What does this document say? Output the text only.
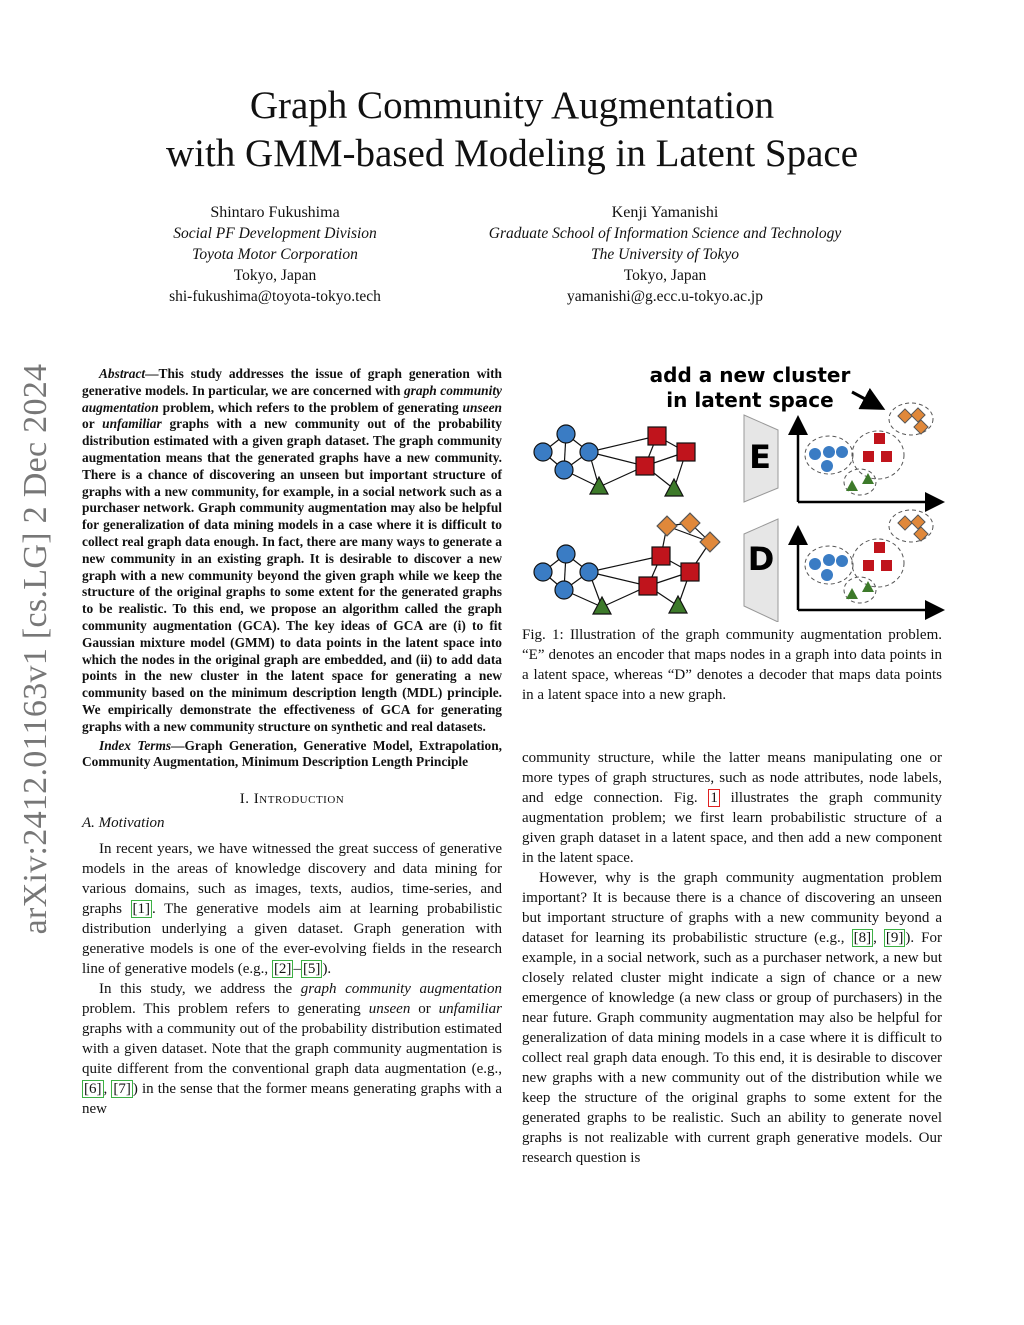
arXiv:2412.01163v1 [cs.LG] 2 Dec 2024
Graph Community Augmentation
with GMM-based Modeling in Latent Space
Shintaro Fukushima
Social PF Development Division
Toyota Motor Corporation
Tokyo, Japan
shi-fukushima@toyota-tokyo.tech
Kenji Yamanishi
Graduate School of Information Science and Technology
The University of Tokyo
Tokyo, Japan
yamanishi@g.ecc.u-tokyo.ac.jp

Abstract—This study addresses the issue of graph generation with generative models. In particular, we are concerned with graph community augmentation problem, which refers to the problem of generating unseen or unfamiliar graphs with a new community out of the probability distribution estimated with a given graph dataset. The graph community augmentation means that the generated graphs have a new community. There is a chance of discovering an unseen but important structure of graphs with a new community, for example, in a social network such as a purchaser network. Graph community augmentation may also be helpful for generalization of data mining models in a case where it is difficult to collect real graph data enough. In fact, there are many ways to generate a new community in an existing graph. It is desirable to discover a new graph with a new community beyond the given graph while we keep the structure of the original graphs to some extent for the generated graphs to be realistic. To this end, we propose an algorithm called the graph community augmentation (GCA). The key ideas of GCA are (i) to fit Gaussian mixture model (GMM) to data points in the latent space into which the nodes in the original graph are embedded, and (ii) to add data points in the new cluster in the latent space for generating a new community based on the minimum description length (MDL) principle. We empirically demonstrate the effectiveness of GCA for generating graphs with a new community structure on synthetic and real datasets.

Index Terms—Graph Generation, Generative Model, Extrapolation, Community Augmentation, Minimum Description Length Principle

I. Introduction
A. Motivation

In recent years, we have witnessed the great success of generative models in the areas of knowledge discovery and data mining for various domains, such as images, texts, audios, time-series, and graphs [1] . The generative models aim at learning probabilistic distribution underlying a given dataset. Graph generation with generative models is one of the ever-evolving fields in the research line of generative models (e.g., [2] – [5] ).

In this study, we address the graph community augmentation problem. This problem refers to generating unseen or unfamiliar graphs with a community out of the probability distribution estimated with a given dataset. Note that the graph community augmentation is quite different from the conventional graph data augmentation (e.g., [6] , [7] ) in the sense that the former means generating graphs with a new

add a new cluster
in latent space
E
D

Fig. 1: Illustration of the graph community augmentation problem. “E” denotes an encoder that maps nodes in a graph into data points in a latent space, whereas “D” denotes a decoder that maps data points in a latent space into a new graph.

community structure, while the latter means manipulating one or more types of graph structures, such as node attributes, node labels, and edge connection. Fig. 1 illustrates the graph community augmentation problem; we first learn probabilistic structure of a given graph dataset in a latent space, and then add a new component in the latent space.

However, why is the graph community augmentation problem important? It is because there is a chance of discovering an unseen but important structure of graphs with a new community beyond a dataset for learning its probabilistic structure (e.g., [8] , [9] ). For example, in a social network, such as a purchaser network, a new but closely related cluster might indicate a sign of chance or a new emergence of knowledge (a new class or group of purchasers) in the near future. Graph community augmentation may also be helpful for generalization of data mining models in a case where it is difficult to collect real graph data enough. To this end, it is desirable to discover new graphs with a new community out of the distribution while we keep the structure of the original graphs to some extent for the generated graphs to be realistic. Such an ability to generate novel graphs is not realizable with current graph generative models. Our research question is
